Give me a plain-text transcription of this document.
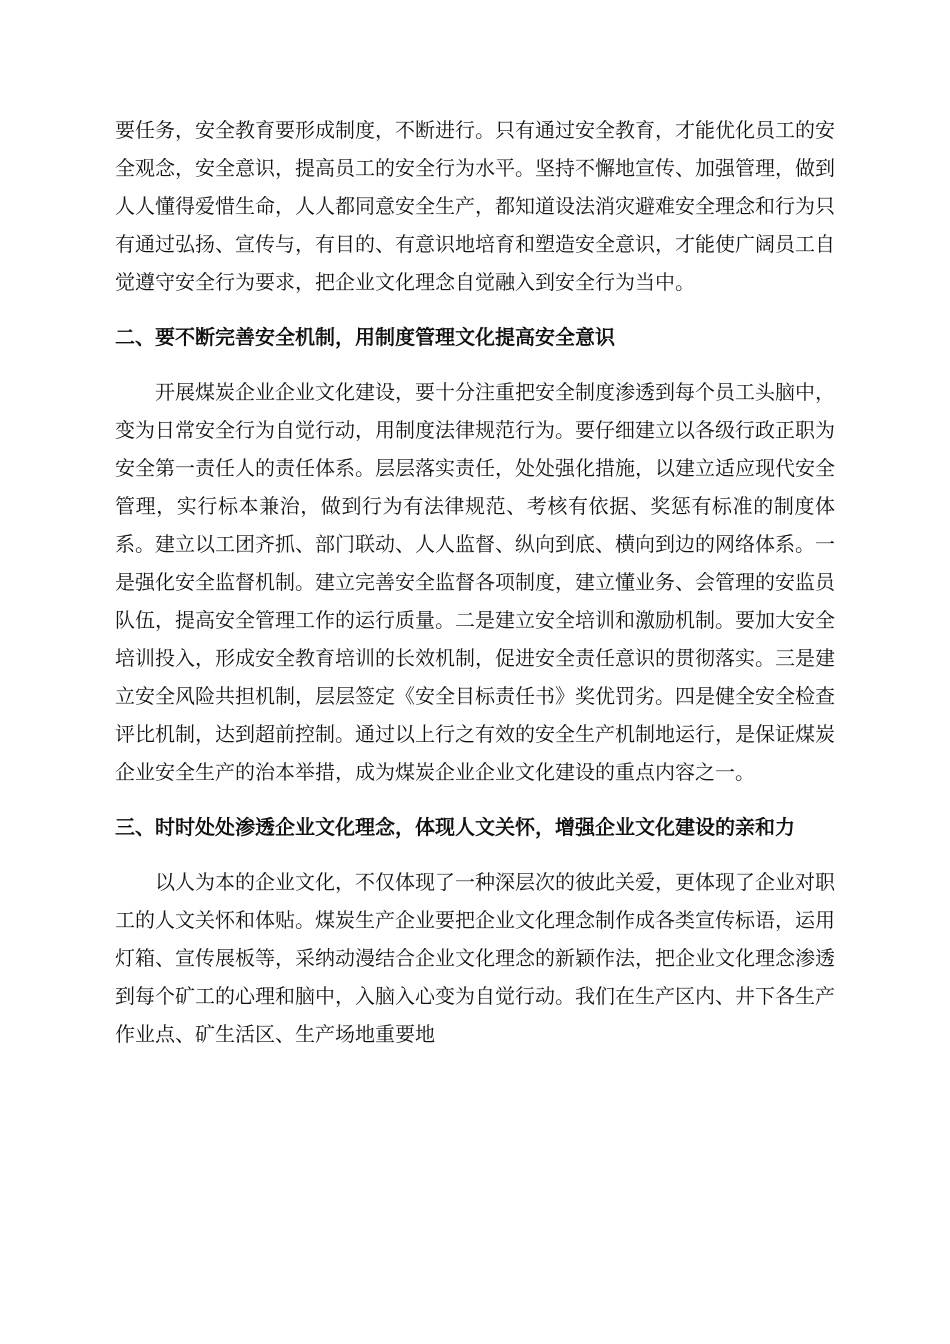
要任务，安全教育要形成制度，不断进行。只有通过安全教育，才能优化员工的安全观念，安全意识，提高员工的安全行为水平。坚持不懈地宣传、加强管理，做到人人懂得爱惜生命，人人都同意安全生产，都知道设法消灾避难安全理念和行为只有通过弘扬、宣传与，有目的、有意识地培育和塑造安全意识，才能使广阔员工自觉遵守安全行为要求，把企业文化理念自觉融入到安全行为当中。

二、要不断完善安全机制，用制度管理文化提高安全意识

开展煤炭企业企业文化建设，要十分注重把安全制度渗透到每个员工头脑中，变为日常安全行为自觉行动，用制度法律规范行为。要仔细建立以各级行政正职为安全第一责任人的责任体系。层层落实责任，处处强化措施，以建立适应现代安全管理，实行标本兼治，做到行为有法律规范、考核有依据、奖惩有标准的制度体系。建立以工团齐抓、部门联动、人人监督、纵向到底、横向到边的网络体系。一是强化安全监督机制。建立完善安全监督各项制度，建立懂业务、会管理的安监员队伍，提高安全管理工作的运行质量。二是建立安全培训和激励机制。要加大安全培训投入，形成安全教育培训的长效机制，促进安全责任意识的贯彻落实。三是建立安全风险共担机制，层层签定《安全目标责任书》奖优罚劣。四是健全安全检查评比机制，达到超前控制。通过以上行之有效的安全生产机制地运行，是保证煤炭企业安全生产的治本举措，成为煤炭企业企业文化建设的重点内容之一。

三、时时处处渗透企业文化理念，体现人文关怀，增强企业文化建设的亲和力

以人为本的企业文化，不仅体现了一种深层次的彼此关爱，更体现了企业对职工的人文关怀和体贴。煤炭生产企业要把企业文化理念制作成各类宣传标语，运用灯箱、宣传展板等，采纳动漫结合企业文化理念的新颖作法，把企业文化理念渗透到每个矿工的心理和脑中，入脑入心变为自觉行动。我们在生产区内、井下各生产作业点、矿生活区、生产场地重要地
